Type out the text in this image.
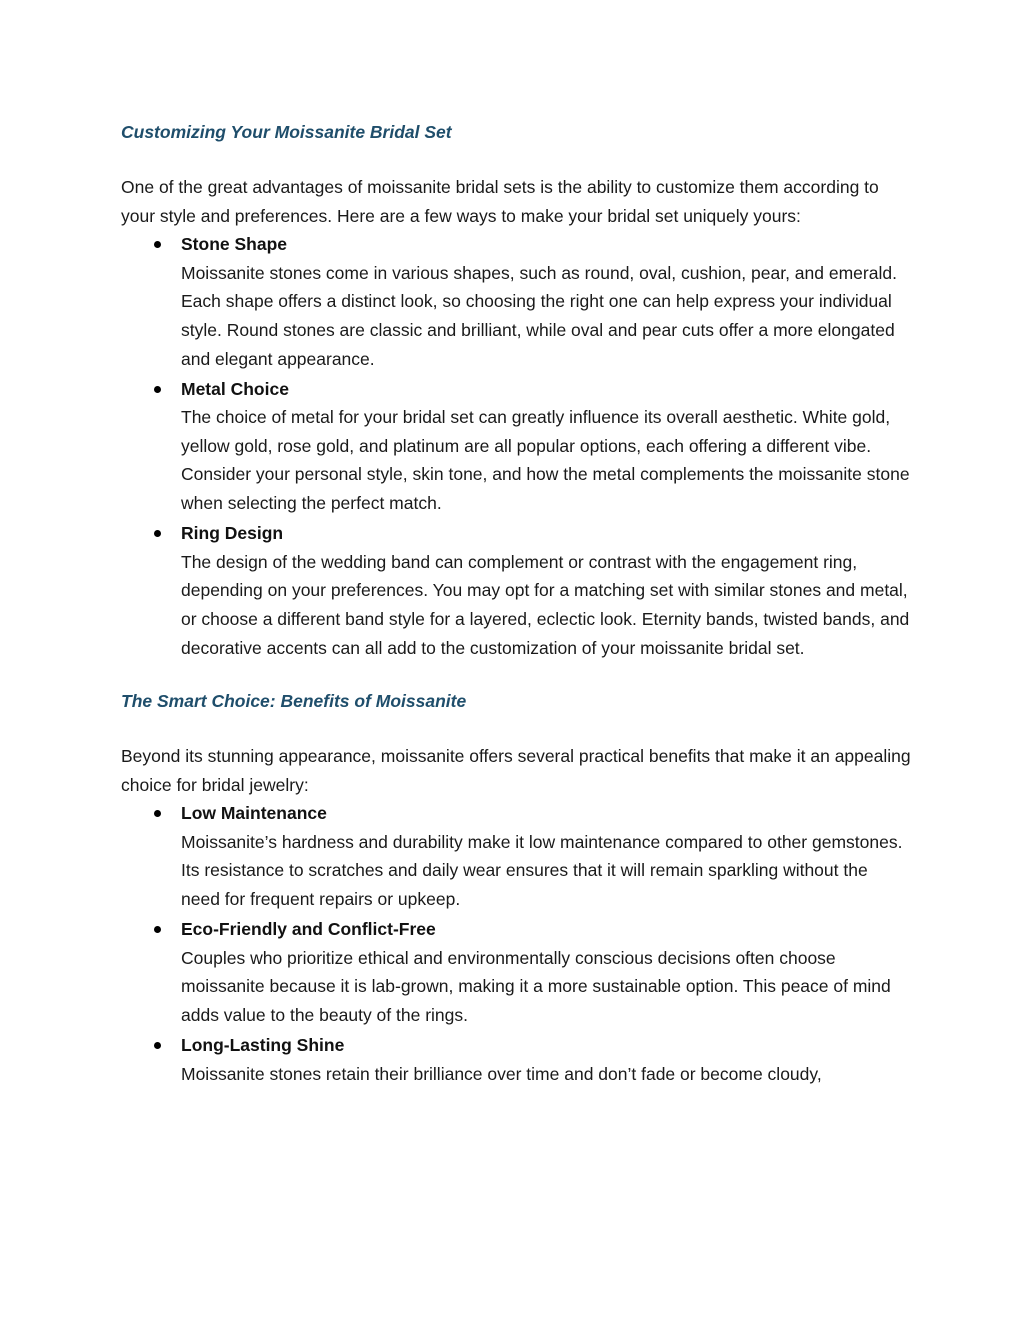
Customizing Your Moissanite Bridal Set

One of the great advantages of moissanite bridal sets is the ability to customize them according to your style and preferences. Here are a few ways to make your bridal set uniquely yours:

Stone Shape
Moissanite stones come in various shapes, such as round, oval, cushion, pear, and emerald. Each shape offers a distinct look, so choosing the right one can help express your individual style. Round stones are classic and brilliant, while oval and pear cuts offer a more elongated and elegant appearance.
Metal Choice
The choice of metal for your bridal set can greatly influence its overall aesthetic. White gold, yellow gold, rose gold, and platinum are all popular options, each offering a different vibe. Consider your personal style, skin tone, and how the metal complements the moissanite stone when selecting the perfect match.
Ring Design
The design of the wedding band can complement or contrast with the engagement ring, depending on your preferences. You may opt for a matching set with similar stones and metal, or choose a different band style for a layered, eclectic look. Eternity bands, twisted bands, and decorative accents can all add to the customization of your moissanite bridal set.
The Smart Choice: Benefits of Moissanite

Beyond its stunning appearance, moissanite offers several practical benefits that make it an appealing choice for bridal jewelry:

Low Maintenance
Moissanite’s hardness and durability make it low maintenance compared to other gemstones. Its resistance to scratches and daily wear ensures that it will remain sparkling without the need for frequent repairs or upkeep.
Eco-Friendly and Conflict-Free
Couples who prioritize ethical and environmentally conscious decisions often choose moissanite because it is lab-grown, making it a more sustainable option. This peace of mind adds value to the beauty of the rings.
Long-Lasting Shine
Moissanite stones retain their brilliance over time and don’t fade or become cloudy,
